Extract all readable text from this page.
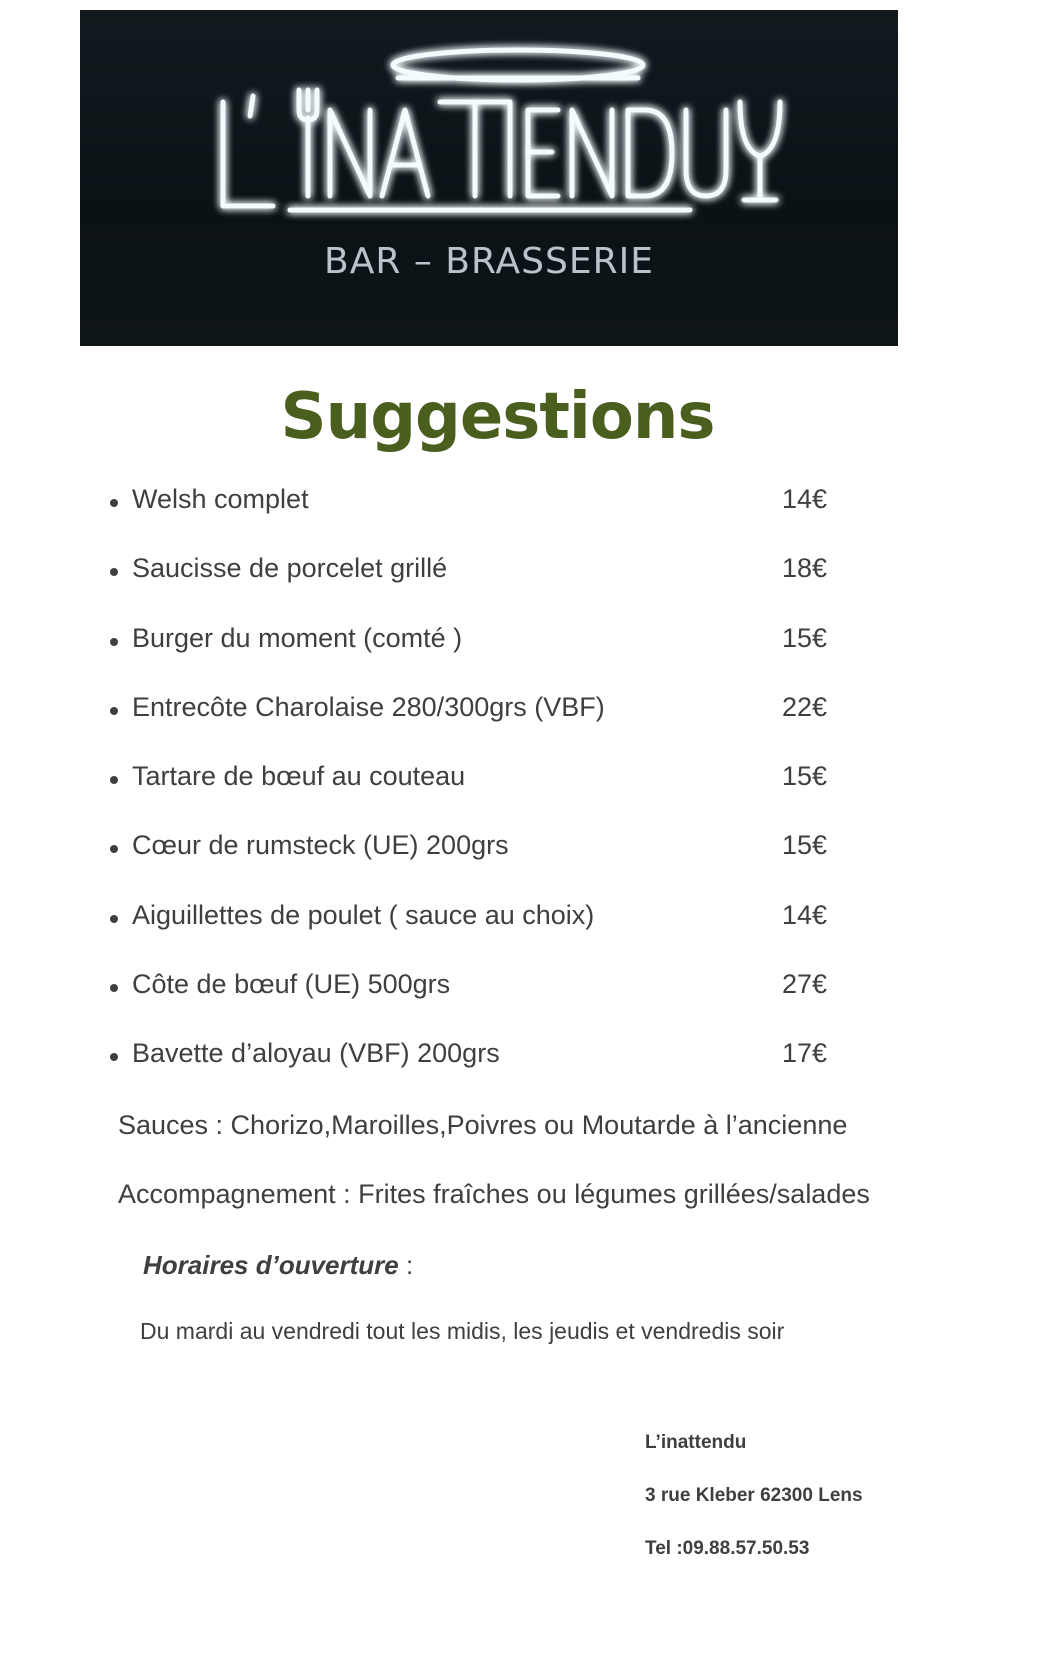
BAR – BRASSERIE
Suggestions
Welsh complet	14€
Saucisse de porcelet grillé	18€
Burger du moment (comté )	15€
Entrecôte Charolaise 280/300grs (VBF)	22€
Tartare de bœuf au couteau	15€
Cœur de rumsteck (UE) 200grs	15€
Aiguillettes de poulet ( sauce au choix)	14€
Côte de bœuf (UE) 500grs	27€
Bavette d’aloyau (VBF) 200grs	17€
Sauces : Chorizo,Maroilles,Poivres ou Moutarde à l’ancienne
Accompagnement : Frites fraîches ou légumes grillées/salades
Horaires d’ouverture :
Du mardi au vendredi tout les midis, les jeudis et vendredis soir
L’inattendu
3 rue Kleber 62300 Lens
Tel :09.88.57.50.53
